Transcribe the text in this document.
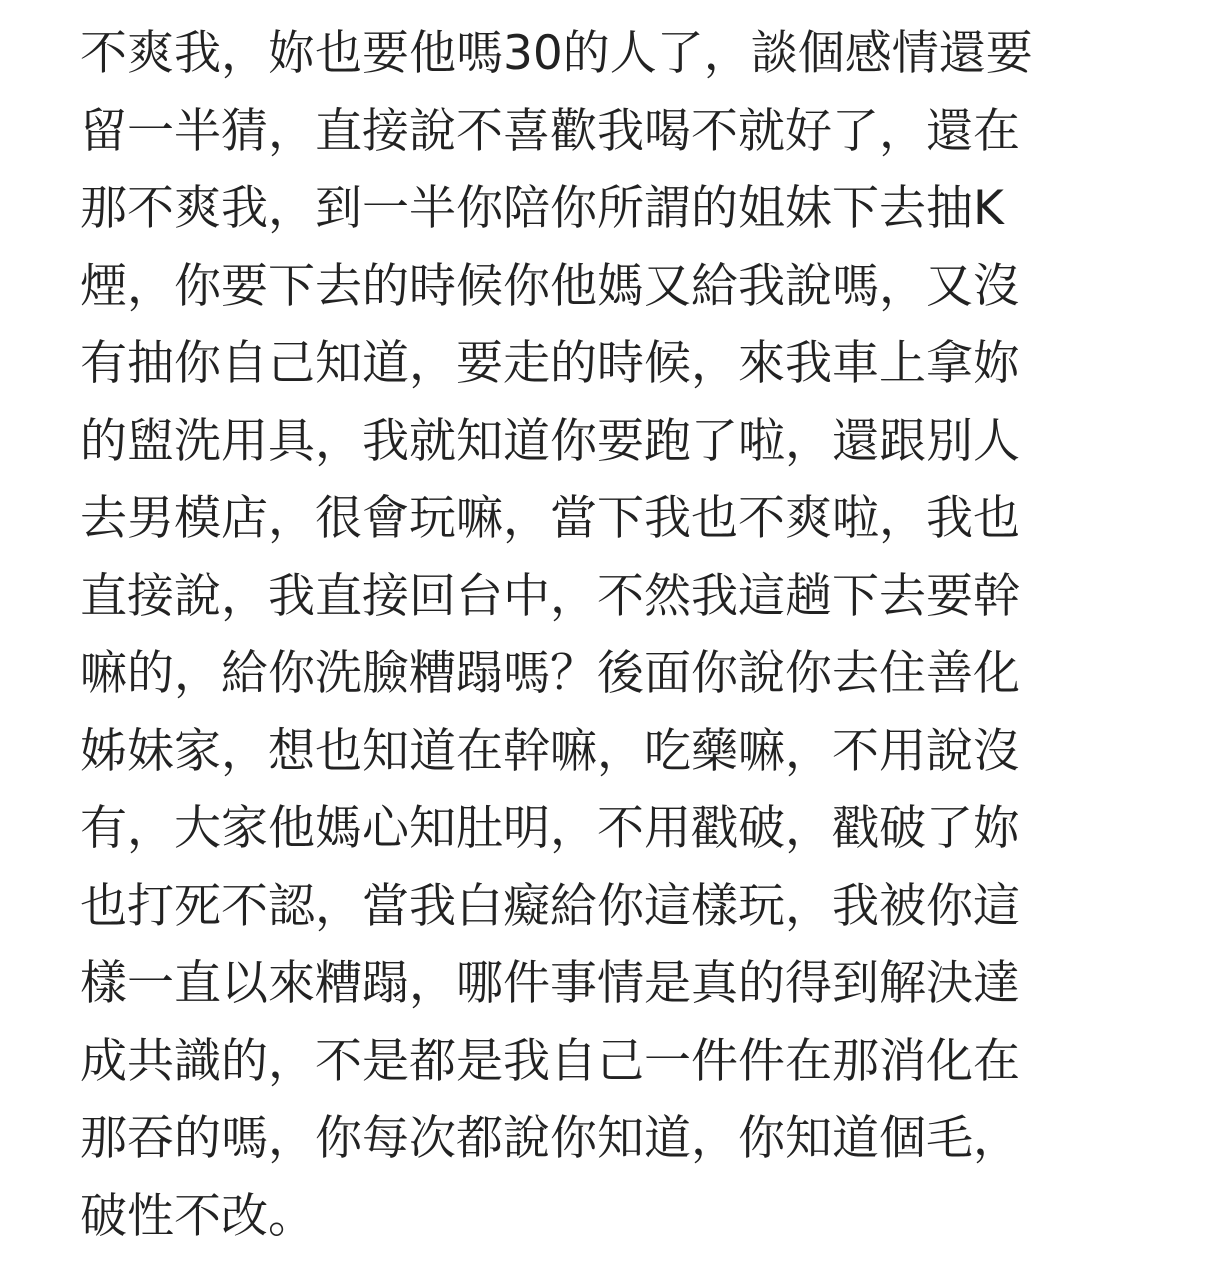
不爽我，妳也要他嗎30的人了，談個感情還要
留一半猜，直接說不喜歡我喝不就好了，還在
那不爽我，到一半你陪你所謂的姐妹下去抽K
煙，你要下去的時候你他媽又給我說嗎，又沒
有抽你自己知道，要走的時候，來我車上拿妳
的盥洗用具，我就知道你要跑了啦，還跟別人
去男模店，很會玩嘛，當下我也不爽啦，我也
直接說，我直接回台中，不然我這趟下去要幹
嘛的，給你洗臉糟蹋嗎？後面你說你去住善化
姊妹家，想也知道在幹嘛，吃藥嘛，不用說沒
有，大家他媽心知肚明，不用戳破，戳破了妳
也打死不認，當我白癡給你這樣玩，我被你這
樣一直以來糟蹋，哪件事情是真的得到解決達
成共識的，不是都是我自己一件件在那消化在
那吞的嗎，你每次都說你知道，你知道個毛，
破性不改。
